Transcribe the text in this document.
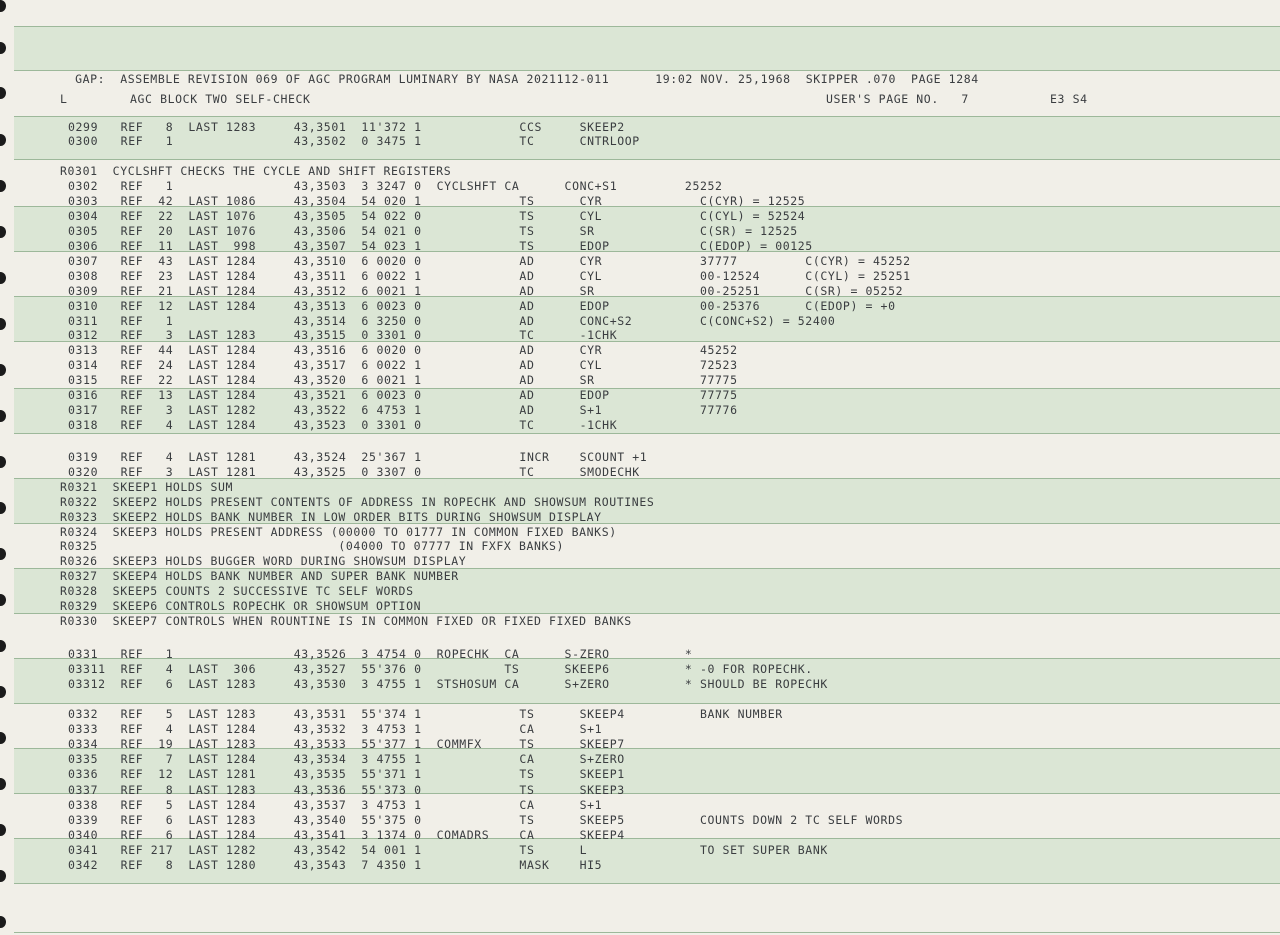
GAP:  ASSEMBLE REVISION 069 OF AGC PROGRAM LUMINARY BY NASA 2021112-011	19:02 NOV. 25,1968  SKIPPER .070  PAGE 1284

L	AGC BLOCK TWO SELF-CHECK	USER'S PAGE NO.   7	E3 S4
0299   REF   8  LAST 1283     43,3501  11'372 1             CCS     SKEEP2
0300   REF   1                43,3502  0 3475 1             TC      CNTRLOOP
R0301  CYCLSHFT CHECKS THE CYCLE AND SHIFT REGISTERS
0302   REF   1                43,3503  3 3247 0  CYCLSHFT CA      CONC+S1         25252
0303   REF  42  LAST 1086     43,3504  54 020 1             TS      CYR             C(CYR) = 12525
0304   REF  22  LAST 1076     43,3505  54 022 0             TS      CYL             C(CYL) = 52524
0305   REF  20  LAST 1076     43,3506  54 021 0             TS      SR              C(SR) = 12525
0306   REF  11  LAST  998     43,3507  54 023 1             TS      EDOP            C(EDOP) = 00125
0307   REF  43  LAST 1284     43,3510  6 0020 0             AD      CYR             37777         C(CYR) = 45252
0308   REF  23  LAST 1284     43,3511  6 0022 1             AD      CYL             00-12524      C(CYL) = 25251
0309   REF  21  LAST 1284     43,3512  6 0021 1             AD      SR              00-25251      C(SR) = 05252
0310   REF  12  LAST 1284     43,3513  6 0023 0             AD      EDOP            00-25376      C(EDOP) = +0
0311   REF   1                43,3514  6 3250 0             AD      CONC+S2         C(CONC+S2) = 52400
0312   REF   3  LAST 1283     43,3515  0 3301 0             TC      -1CHK
0313   REF  44  LAST 1284     43,3516  6 0020 0             AD      CYR             45252
0314   REF  24  LAST 1284     43,3517  6 0022 1             AD      CYL             72523
0315   REF  22  LAST 1284     43,3520  6 0021 1             AD      SR              77775
0316   REF  13  LAST 1284     43,3521  6 0023 0             AD      EDOP            77775
0317   REF   3  LAST 1282     43,3522  6 4753 1             AD      S+1             77776
0318   REF   4  LAST 1284     43,3523  0 3301 0             TC      -1CHK
0319   REF   4  LAST 1281     43,3524  25'367 1             INCR    SCOUNT +1
0320   REF   3  LAST 1281     43,3525  0 3307 0             TC      SMODECHK
R0321  SKEEP1 HOLDS SUM
R0322  SKEEP2 HOLDS PRESENT CONTENTS OF ADDRESS IN ROPECHK AND SHOWSUM ROUTINES
R0323  SKEEP2 HOLDS BANK NUMBER IN LOW ORDER BITS DURING SHOWSUM DISPLAY
R0324  SKEEP3 HOLDS PRESENT ADDRESS (00000 TO 01777 IN COMMON FIXED BANKS)
R0325                                (04000 TO 07777 IN FXFX BANKS)
R0326  SKEEP3 HOLDS BUGGER WORD DURING SHOWSUM DISPLAY
R0327  SKEEP4 HOLDS BANK NUMBER AND SUPER BANK NUMBER
R0328  SKEEP5 COUNTS 2 SUCCESSIVE TC SELF WORDS
R0329  SKEEP6 CONTROLS ROPECHK OR SHOWSUM OPTION
R0330  SKEEP7 CONTROLS WHEN ROUNTINE IS IN COMMON FIXED OR FIXED FIXED BANKS
0331   REF   1                43,3526  3 4754 0  ROPECHK  CA      S-ZERO          *
03311  REF   4  LAST  306     43,3527  55'376 0           TS      SKEEP6          * -0 FOR ROPECHK.
03312  REF   6  LAST 1283     43,3530  3 4755 1  STSHOSUM CA      S+ZERO          * SHOULD BE ROPECHK
0332   REF   5  LAST 1283     43,3531  55'374 1             TS      SKEEP4          BANK NUMBER
0333   REF   4  LAST 1284     43,3532  3 4753 1             CA      S+1
0334   REF  19  LAST 1283     43,3533  55'377 1  COMMFX     TS      SKEEP7
0335   REF   7  LAST 1284     43,3534  3 4755 1             CA      S+ZERO
0336   REF  12  LAST 1281     43,3535  55'371 1             TS      SKEEP1
0337   REF   8  LAST 1283     43,3536  55'373 0             TS      SKEEP3
0338   REF   5  LAST 1284     43,3537  3 4753 1             CA      S+1
0339   REF   6  LAST 1283     43,3540  55'375 0             TS      SKEEP5          COUNTS DOWN 2 TC SELF WORDS
0340   REF   6  LAST 1284     43,3541  3 1374 0  COMADRS    CA      SKEEP4
0341   REF 217  LAST 1282     43,3542  54 001 1             TS      L               TO SET SUPER BANK
0342   REF   8  LAST 1280     43,3543  7 4350 1             MASK    HI5
